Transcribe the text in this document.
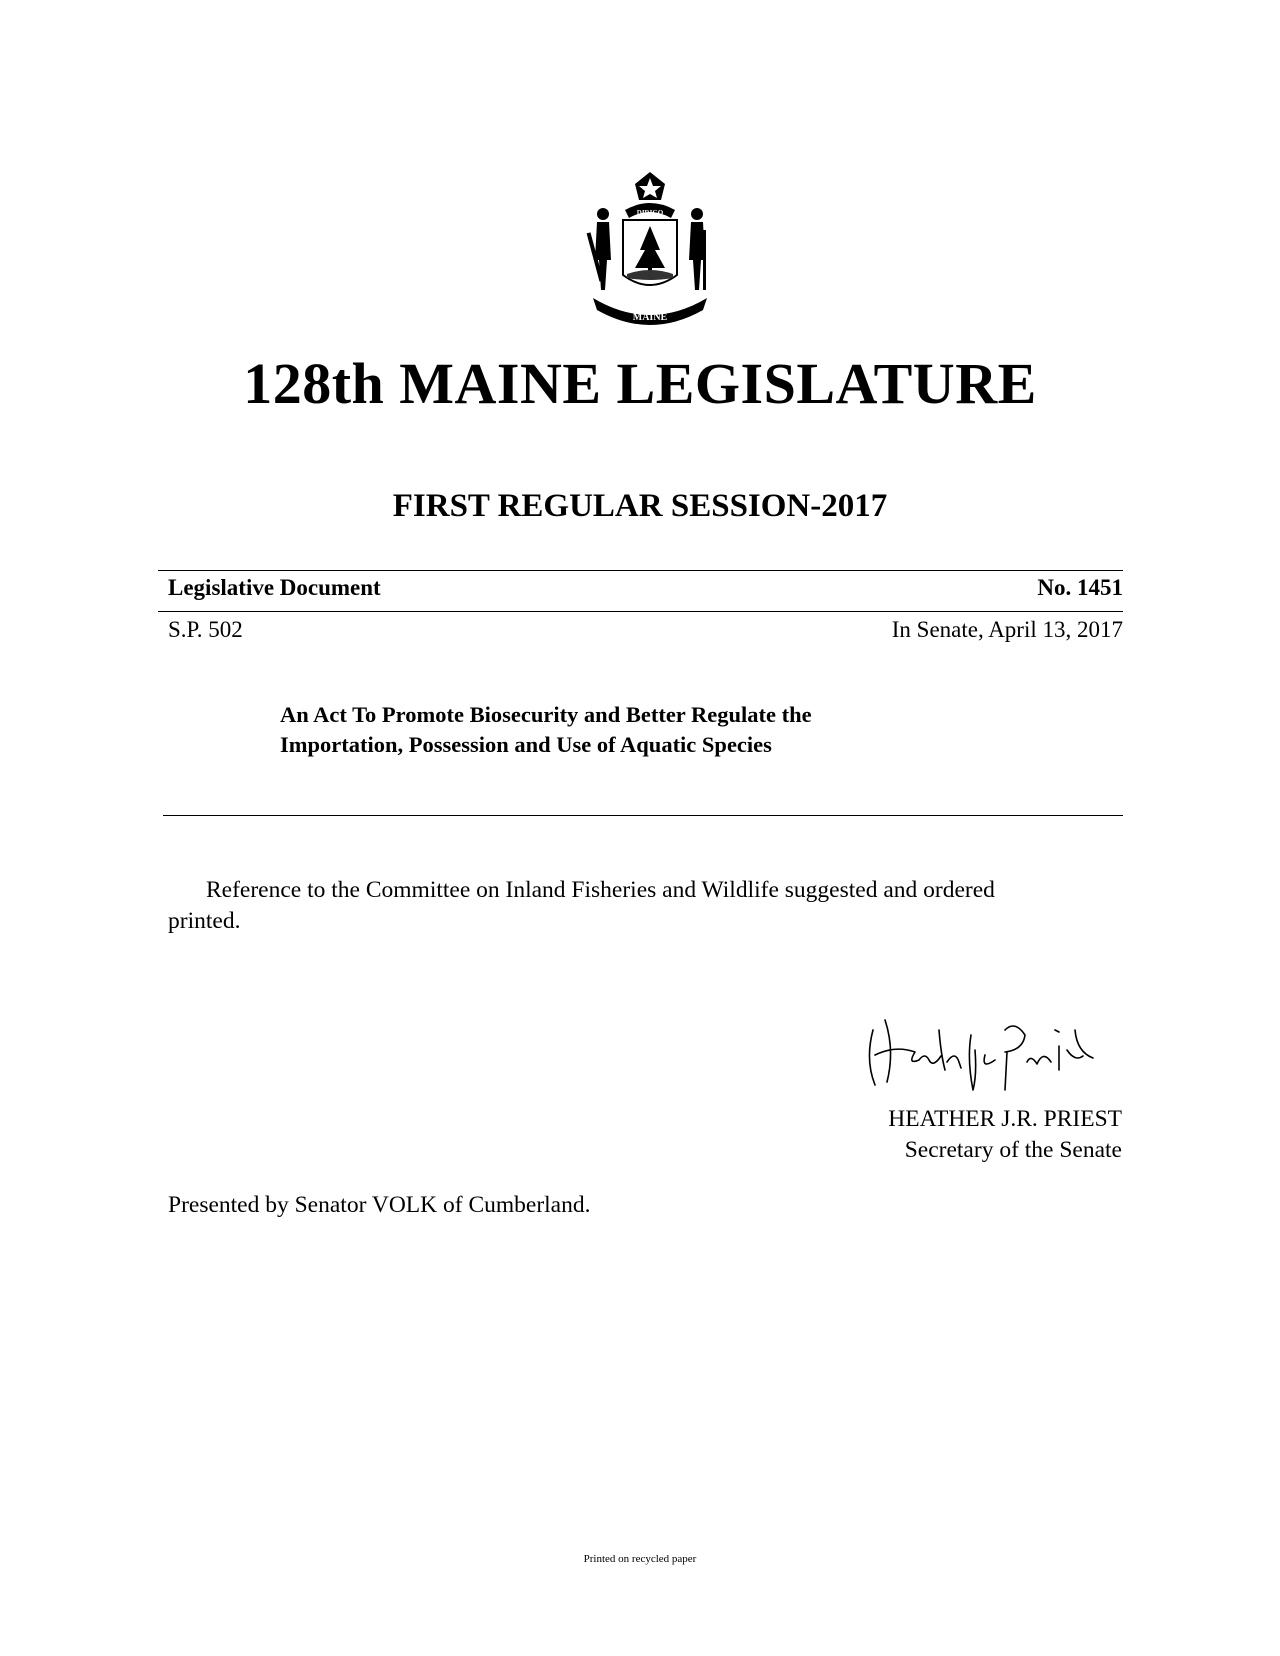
DIRIGO
MAINE
128th MAINE LEGISLATURE
FIRST REGULAR SESSION-2017
Legislative Document	No. 1451
S.P. 502	In Senate, April 13, 2017
An Act To Promote Biosecurity and Better Regulate the
Importation, Possession and Use of Aquatic Species
Reference to the Committee on Inland Fisheries and Wildlife suggested and ordered
printed.
HEATHER J.R. PRIEST
Secretary of the Senate
Presented by Senator VOLK of Cumberland.
Printed on recycled paper
